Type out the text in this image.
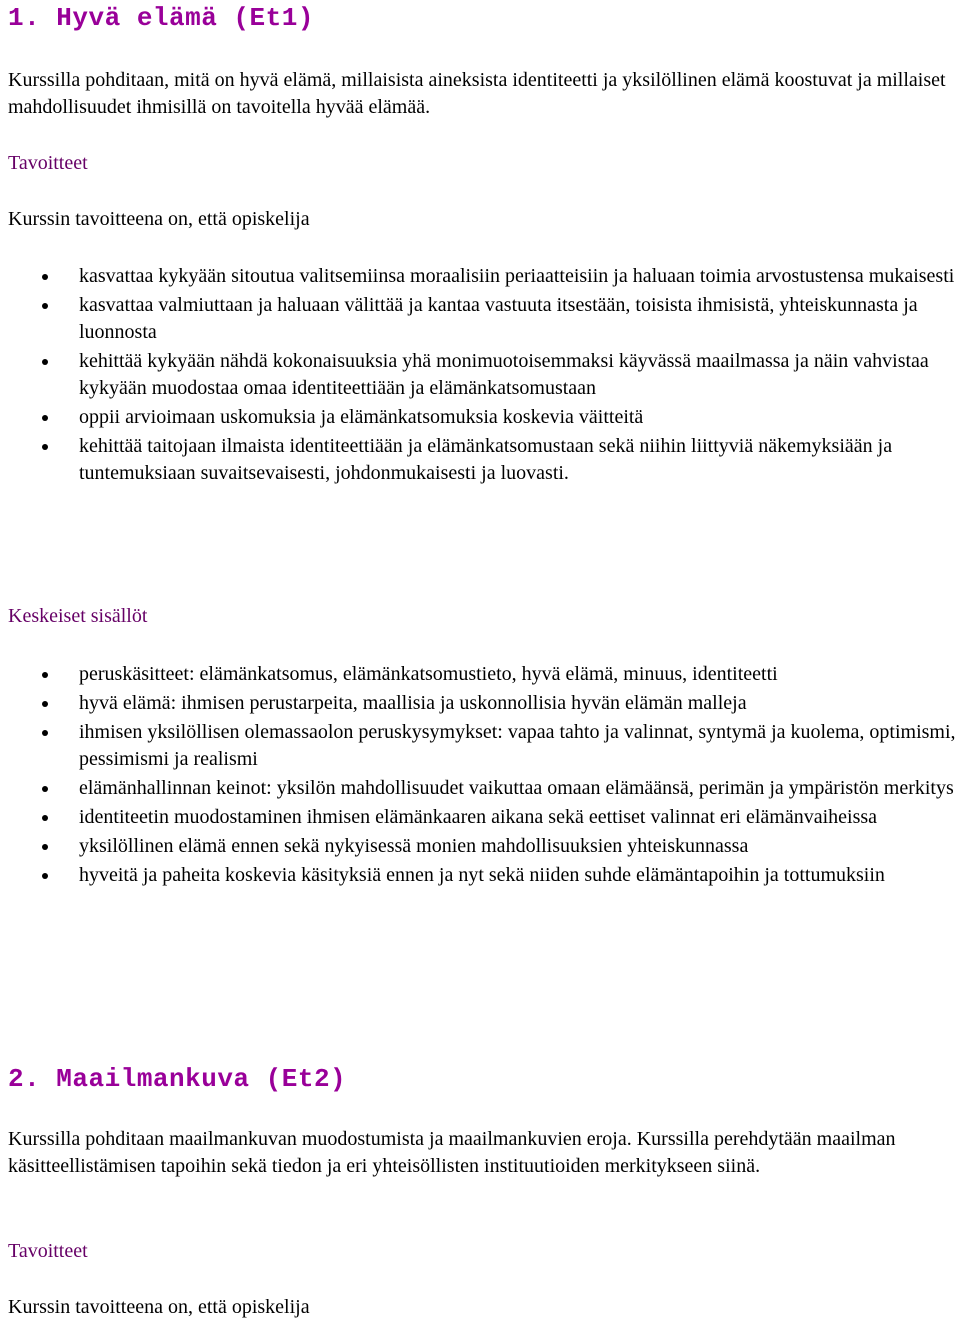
1. Hyvä elämä (Et1)

Kurssilla pohditaan, mitä on hyvä elämä, millaisista aineksista identiteetti ja yksilöllinen elämä koostuvat ja millaiset mahdollisuudet ihmisillä on tavoitella hyvää elämää.

Tavoitteet

Kurssin tavoitteena on, että opiskelija

kasvattaa kykyään sitoutua valitsemiinsa moraalisiin periaatteisiin ja haluaan toimia arvostustensa mukaisesti
kasvattaa valmiuttaan ja haluaan välittää ja kantaa vastuuta itsestään, toisista ihmisistä, yhteiskunnasta ja luonnosta
kehittää kykyään nähdä kokonaisuuksia yhä monimuotoisemmaksi käyvässä maailmassa ja näin vahvistaa kykyään muodostaa omaa identiteettiään ja elämänkatsomustaan
oppii arvioimaan uskomuksia ja elämänkatsomuksia koskevia väitteitä
kehittää taitojaan ilmaista identiteettiään ja elämänkatsomustaan sekä niihin liittyviä näkemyksiään ja tuntemuksiaan suvaitsevaisesti, johdonmukaisesti ja luovasti.

Keskeiset sisällöt

peruskäsitteet: elämänkatsomus, elämänkatsomustieto, hyvä elämä, minuus, identiteetti
hyvä elämä: ihmisen perustarpeita, maallisia ja uskonnollisia hyvän elämän malleja
ihmisen yksilöllisen olemassaolon peruskysymykset: vapaa tahto ja valinnat, syntymä ja kuolema, optimismi, pessimismi ja realismi
elämänhallinnan keinot: yksilön mahdollisuudet vaikuttaa omaan elämäänsä, perimän ja ympäristön merkitys
identiteetin muodostaminen ihmisen elämänkaaren aikana sekä eettiset valinnat eri elämänvaiheissa
yksilöllinen elämä ennen sekä nykyisessä monien mahdollisuuksien yhteiskunnassa
hyveitä ja paheita koskevia käsityksiä ennen ja nyt sekä niiden suhde elämäntapoihin ja tottumuksiin
2. Maailmankuva (Et2)

Kurssilla pohditaan maailmankuvan muodostumista ja maailmankuvien eroja. Kurssilla perehdytään maailman käsitteellistämisen tapoihin sekä tiedon ja eri yhteisöllisten instituutioiden merkitykseen siinä.

Tavoitteet

Kurssin tavoitteena on, että opiskelija
